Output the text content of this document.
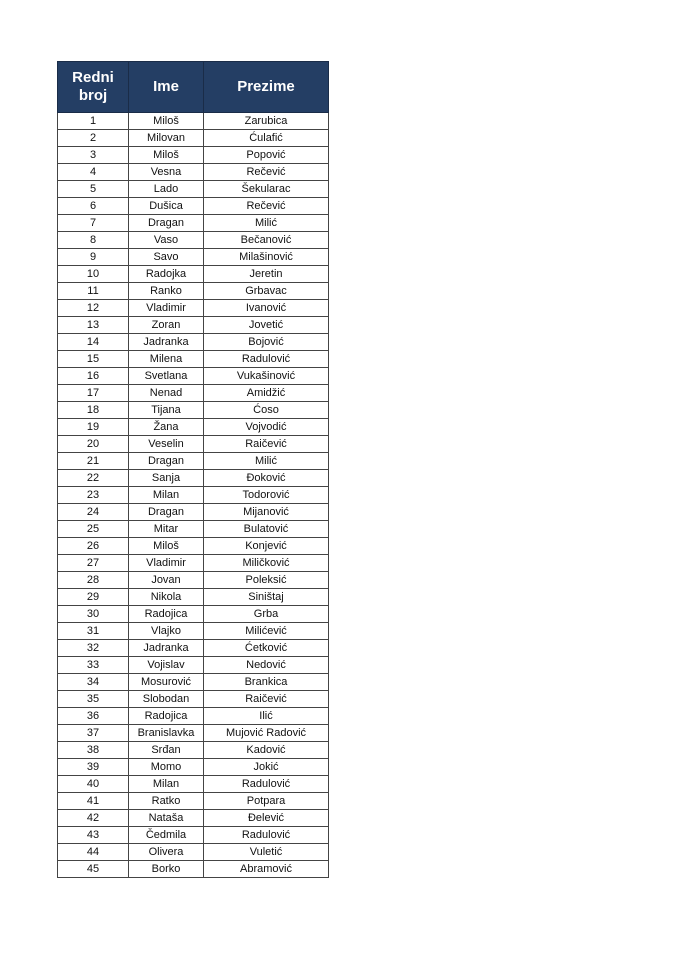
Redni
broj	Ime	Prezime
1	Miloš	Zarubica
2	Milovan	Ćulafić
3	Miloš	Popović
4	Vesna	Rečević
5	Lado	Šekularac
6	Dušica	Rečević
7	Dragan	Milić
8	Vaso	Bečanović
9	Savo	Milašinović
10	Radojka	Jeretin
11	Ranko	Grbavac
12	Vladimir	Ivanović
13	Zoran	Jovetić
14	Jadranka	Bojović
15	Milena	Radulović
16	Svetlana	Vukašinović
17	Nenad	Amidžić
18	Tijana	Ćoso
19	Žana	Vojvodić
20	Veselin	Raičević
21	Dragan	Milić
22	Sanja	Đoković
23	Milan	Todorović
24	Dragan	Mijanović
25	Mitar	Bulatović
26	Miloš	Konjević
27	Vladimir	Miličković
28	Jovan	Poleksić
29	Nikola	Siništaj
30	Radojica	Grba
31	Vlajko	Milićević
32	Jadranka	Ćetković
33	Vojislav	Nedović
34	Mosurović	Brankica
35	Slobodan	Raičević
36	Radojica	Ilić
37	Branislavka	Mujović Radović
38	Srđan	Kadović
39	Momo	Jokić
40	Milan	Radulović
41	Ratko	Potpara
42	Nataša	Đelević
43	Čedmila	Radulović
44	Olivera	Vuletić
45	Borko	Abramović
